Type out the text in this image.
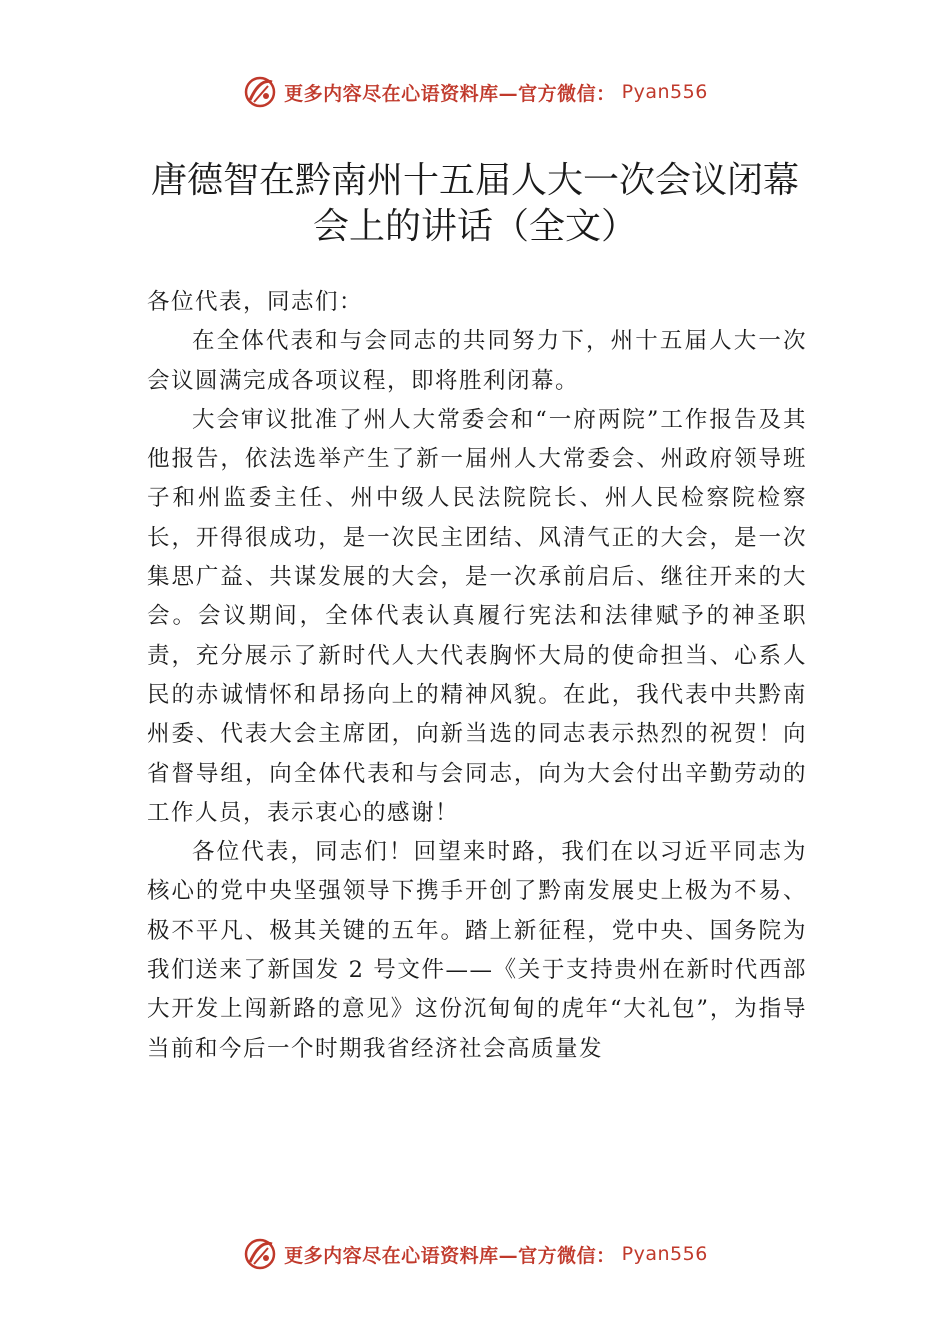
更多内容尽在心语资料库—官方微信： Pyan556
唐德智在黔南州十五届人大一次会议闭幕
会上的讲话（全文）

各位代表，同志们：

在全体代表和与会同志的共同努力下，州十五届人大一次会议圆满完成各项议程，即将胜利闭幕。

大会审议批准了州人大常委会和“一府两院”工作报告及其他报告，依法选举产生了新一届州人大常委会、州政府领导班子和州监委主任、州中级人民法院院长、州人民检察院检察长，开得很成功，是一次民主团结、风清气正的大会，是一次集思广益、共谋发展的大会，是一次承前启后、继往开来的大会。会议期间，全体代表认真履行宪法和法律赋予的神圣职责，充分展示了新时代人大代表胸怀大局的使命担当、心系人民的赤诚情怀和昂扬向上的精神风貌。在此，我代表中共黔南州委、代表大会主席团，向新当选的同志表示热烈的祝贺！向省督导组，向全体代表和与会同志，向为大会付出辛勤劳动的工作人员，表示衷心的感谢！

各位代表，同志们！回望来时路，我们在以习近平同志为核心的党中央坚强领导下携手开创了黔南发展史上极为不易、极不平凡、极其关键的五年。踏上新征程，党中央、国务院为我们送来了新国发 2 号文件——《关于支持贵州在新时代西部大开发上闯新路的意见》这份沉甸甸的虎年“大礼包”，为指导当前和今后一个时期我省经济社会高质量发

更多内容尽在心语资料库—官方微信： Pyan556
